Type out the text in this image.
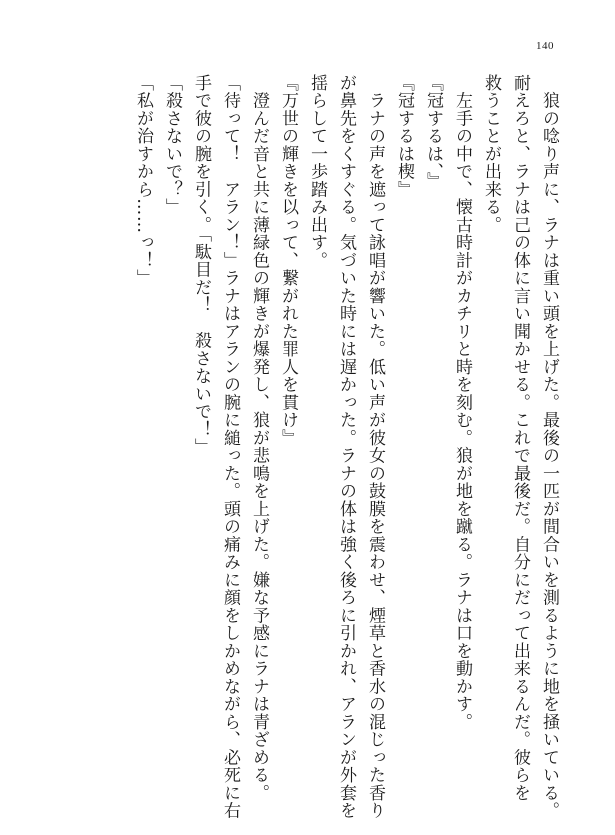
140
　狼の唸り声に、ラナは重い頭を上げた。最後の一匹が間合いを測るように地を掻いている。
耐えろと、ラナは己の体に言い聞かせる。これで最後だ。自分にだって出来るんだ。彼らを
救うことが出来る。
　左手の中で、懐古時計がカチリと時を刻む。狼が地を蹴る。ラナは口を動かす。
『冠するは、』
『冠するは楔』
　ラナの声を遮って詠唱が響いた。低い声が彼女の鼓膜を震わせ、煙草と香水の混じった香り
が鼻先をくすぐる。気づいた時には遅かった。ラナの体は強く後ろに引かれ、アランが外套を
揺らして一歩踏み出す。
『万世の輝きを以って、繋がれた罪人を貫け』
　澄んだ音と共に薄緑色の輝きが爆発し、狼が悲鳴を上げた。嫌な予感にラナは青ざめる。
「待って！　アラン！」ラナはアランの腕に縋った。頭の痛みに顔をしかめながら、必死に右
手で彼の腕を引く。「駄目だ！　殺さないで！」
「殺さないで？」
「私が治すから……っ！」
